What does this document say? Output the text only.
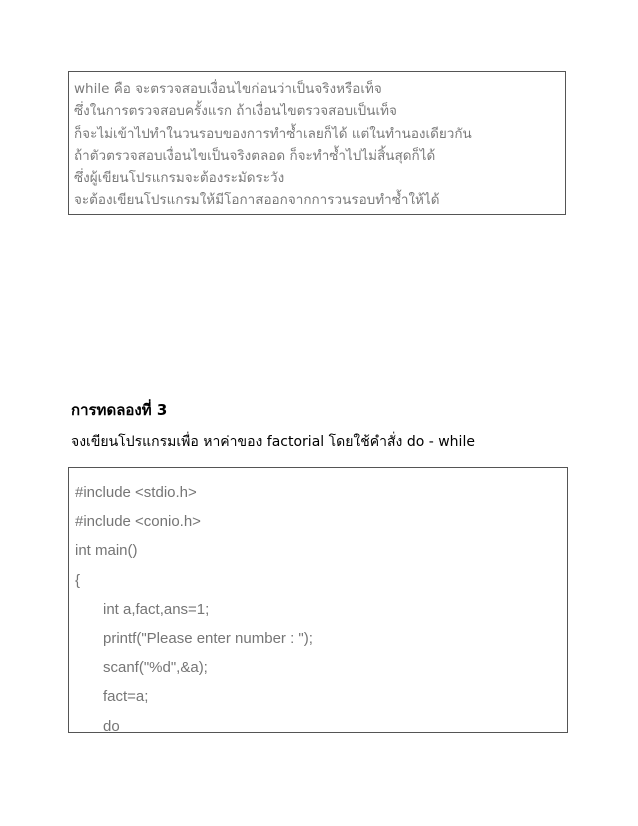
while คือ จะตรวจสอบเงื่อนไขก่อนว่าเป็นจริงหรือเท็จ
ซึ่งในการตรวจสอบครั้งแรก ถ้าเงื่อนไขตรวจสอบเป็นเท็จ
ก็จะไม่เข้าไปทำในวนรอบของการทำซ้ำเลยก็ได้ แต่ในทำนองเดียวกัน
ถ้าตัวตรวจสอบเงื่อนไขเป็นจริงตลอด ก็จะทำซ้ำไปไม่สิ้นสุดก็ได้
ซึ่งผู้เขียนโปรแกรมจะต้องระมัดระวัง
จะต้องเขียนโปรแกรมให้มีโอกาสออกจากการวนรอบทำซ้ำให้ได้
การทดลองที่ 3
จงเขียนโปรแกรมเพื่อ หาค่าของ factorial โดยใช้คำสั่ง do - while
#include <stdio.h>
#include <conio.h>
int main()
{
int a,fact,ans=1;
printf("Please enter number : ");
scanf("%d",&a);
fact=a;
do
